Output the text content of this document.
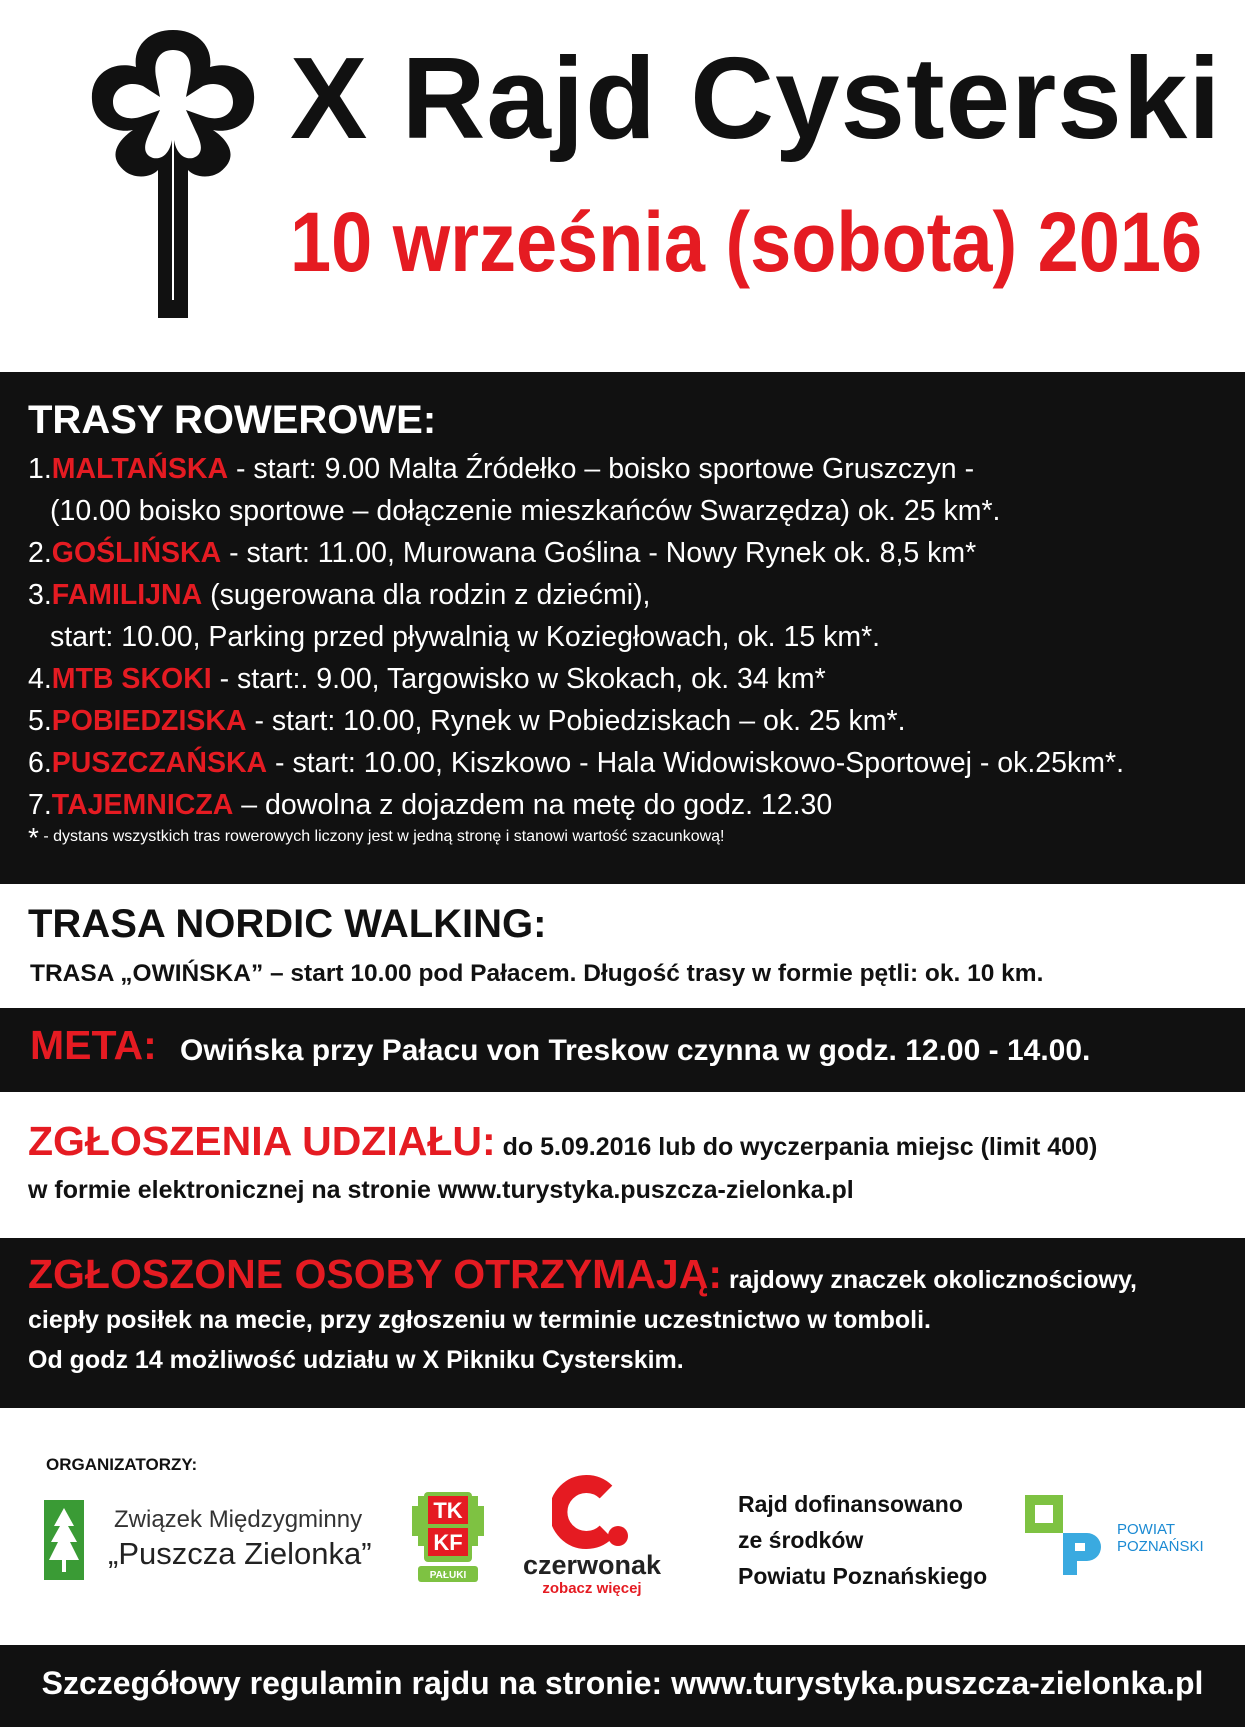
X Rajd Cysterski
10 września (sobota) 2016
TRASY ROWEROWE:
1.MALTAŃSKA - start: 9.00 Malta Źródełko – boisko sportowe Gruszczyn -
(10.00 boisko sportowe – dołączenie mieszkańców Swarzędza) ok. 25 km*.
2.GOŚLIŃSKA - start: 11.00, Murowana Goślina - Nowy Rynek ok. 8,5 km*
3.FAMILIJNA (sugerowana dla rodzin z dziećmi),
start: 10.00, Parking przed pływalnią w Koziegłowach, ok. 15 km*.
4.MTB SKOKI - start:. 9.00, Targowisko w Skokach, ok. 34 km*
5.POBIEDZISKA - start: 10.00, Rynek w Pobiedziskach – ok. 25 km*.
6.PUSZCZAŃSKA - start: 10.00, Kiszkowo - Hala Widowiskowo-Sportowej - ok.25km*.
7.TAJEMNICZA – dowolna z dojazdem na metę do godz. 12.30
* - dystans wszystkich tras rowerowych liczony jest w jedną stronę i stanowi wartość szacunkową!
TRASA NORDIC WALKING:
TRASA „OWIŃSKA” – start 10.00 pod Pałacem. Długość trasy w formie pętli: ok. 10 km.
META: Owińska przy Pałacu von Treskow czynna w godz. 12.00 - 14.00.
ZGŁOSZENIA UDZIAŁU: do 5.09.2016 lub do wyczerpania miejsc (limit 400)
w formie elektronicznej na stronie www.turystyka.puszcza-zielonka.pl
ZGŁOSZONE OSOBY OTRZYMAJĄ: rajdowy znaczek okolicznościowy,
ciepły posiłek na mecie, przy zgłoszeniu w terminie uczestnictwo w tomboli.
Od godz 14 możliwość udziału w X Pikniku Cysterskim.
ORGANIZATORZY:
Związek Międzygminny
„Puszcza Zielonka”
TK
KF
PAŁUKI	czerwonak
zobacz więcej
Rajd dofinansowano
ze środków
Powiatu Poznańskiego
POWIAT
POZNAŃSKI
Szczegółowy regulamin rajdu na stronie: www.turystyka.puszcza-zielonka.pl
